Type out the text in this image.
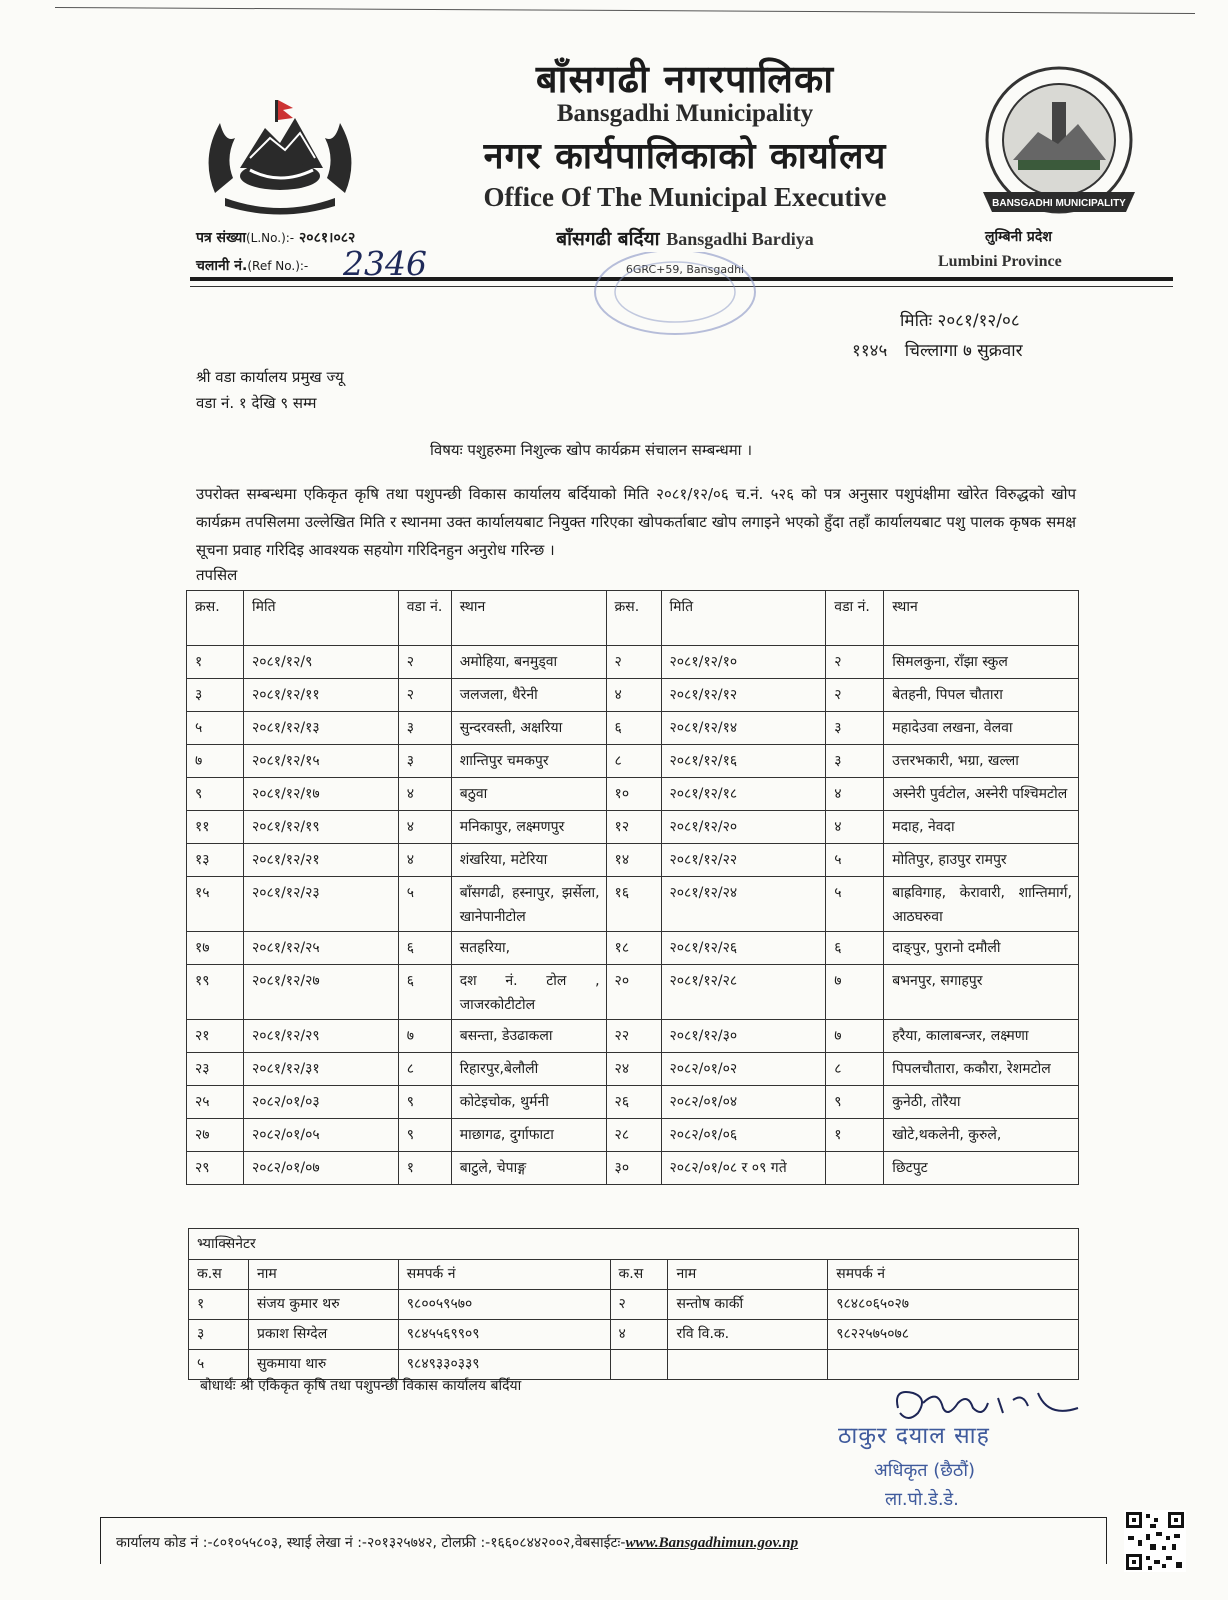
बाँसगढी नगरपालिका
Bansgadhi Municipality
नगर कार्यपालिकाको कार्यालय
Office Of The Municipal Executive
बाँसगढी बर्दिया Bansgadhi Bardiya
6GRC+59, Bansgadhi
पत्र संख्या(L.No.):- २०८१।०८२
चलानी नं.(Ref No.):- 2346
BANSGADHI MUNICIPALITY
लुम्बिनी प्रदेश
Lumbini Province
मितिः २०८१/१२/०८
११४५ चिल्लागा ७ सुक्रवार
श्री वडा कार्यालय प्रमुख ज्यू
वडा नं. १ देखि ९ सम्म
विषयः पशुहरुमा निशुल्क खोप कार्यक्रम संचालन सम्बन्धमा ।
उपरोक्त सम्बन्धमा एकिकृत कृषि तथा पशुपन्छी विकास कार्यालय बर्दियाको मिति २०८१/१२/०६ च.नं. ५२६ को पत्र अनुसार पशुपंक्षीमा खोरेत विरुद्धको खोप कार्यक्रम तपसिलमा उल्लेखित मिति र स्थानमा उक्त कार्यालयबाट नियुक्त गरिएका खोपकर्ताबाट खोप लगाइने भएको हुँदा तहाँ कार्यालयबाट पशु पालक कृषक समक्ष सूचना प्रवाह गरिदिइ आवश्यक सहयोग गरिदिनहुन अनुरोध गरिन्छ ।
तपसिल
क्रस.	मिति	वडा नं.	स्थान	क्रस.	मिति	वडा नं.	स्थान
१	२०८१/१२/९	२	अमोहिया, बनमुड्वा	२	२०८१/१२/१०	२	सिमलकुना, राँझा स्कुल
३	२०८१/१२/११	२	जलजला, धैरेनी	४	२०८१/१२/१२	२	बेतहनी, पिपल चौतारा
५	२०८१/१२/१३	३	सुन्दरवस्ती, अक्षरिया	६	२०८१/१२/१४	३	महादेउवा लखना, वेलवा
७	२०८१/१२/१५	३	शान्तिपुर चमकपुर	८	२०८१/१२/१६	३	उत्तरभकारी, भग्रा, खल्ला
९	२०८१/१२/१७	४	बठुवा	१०	२०८१/१२/१८	४	अस्नेरी पुर्वटोल, अस्नेरी पश्चिमटोल
११	२०८१/१२/१९	४	मनिकापुर, लक्ष्मणपुर	१२	२०८१/१२/२०	४	मदाह, नेवदा
१३	२०८१/१२/२१	४	शंखरिया, मटेरिया	१४	२०८१/१२/२२	५	मोतिपुर, हाउपुर रामपुर
१५	२०८१/१२/२३	५	बाँसगढी, हस्नापुर, झर्सेला, खानेपानीटोल	१६	२०८१/१२/२४	५	बाह्रविगाह, केरावारी, शान्तिमार्ग, आठघरुवा
१७	२०८१/१२/२५	६	सतहरिया,	१८	२०८१/१२/२६	६	दाङ्पुर, पुरानो दमौली
१९	२०८१/१२/२७	६	दश नं. टोल , जाजरकोटीटोल	२०	२०८१/१२/२८	७	बभनपुर, सगाहपुर
२१	२०८१/१२/२९	७	बसन्ता, डेउढाकला	२२	२०८१/१२/३०	७	हरैया, कालाबन्जर, लक्ष्मणा
२३	२०८१/१२/३१	८	रिहारपुर,बेलौली	२४	२०८२/०१/०२	८	पिपलचौतारा, ककौरा, रेशमटोल
२५	२०८२/०१/०३	९	कोटेइचोक, थुर्मनी	२६	२०८२/०१/०४	९	कुनेठी, तोरैया
२७	२०८२/०१/०५	९	माछागढ, दुर्गाफाटा	२८	२०८२/०१/०६	१	खोटे,थकलेनी, कुरुले,
२९	२०८२/०१/०७	१	बाटुले, चेपाङ्ग	३०	२०८२/०१/०८ र ०९ गते		छिटपुट
भ्याक्सिनेटर					
क.स	नाम	समपर्क नं	क.स	नाम	समपर्क नं
१	संजय कुमार थरु	९८००५९५७०	२	सन्तोष कार्की	९८४८०६५०२७
३	प्रकाश सिग्देल	९८४५५६९९०९	४	रवि वि.क.	९८२२५७५०७८
५	सुकमाया थारु	९८४९३३०३३९			
बोधार्थः श्री एकिकृत कृषि तथा पशुपन्छी विकास कार्यालय बर्दिया
ठाकुर दयाल साह
अधिकृत (छैठौं)
ला.पो.डे.डे.
कार्यालय कोड नं :-८०१०५५८०३, स्थाई लेखा नं :-२०१३२५७४२, टोलफ्री :-१६६०८४४२००२,वेबसाईटः-www.Bansgadhimun.gov.np
